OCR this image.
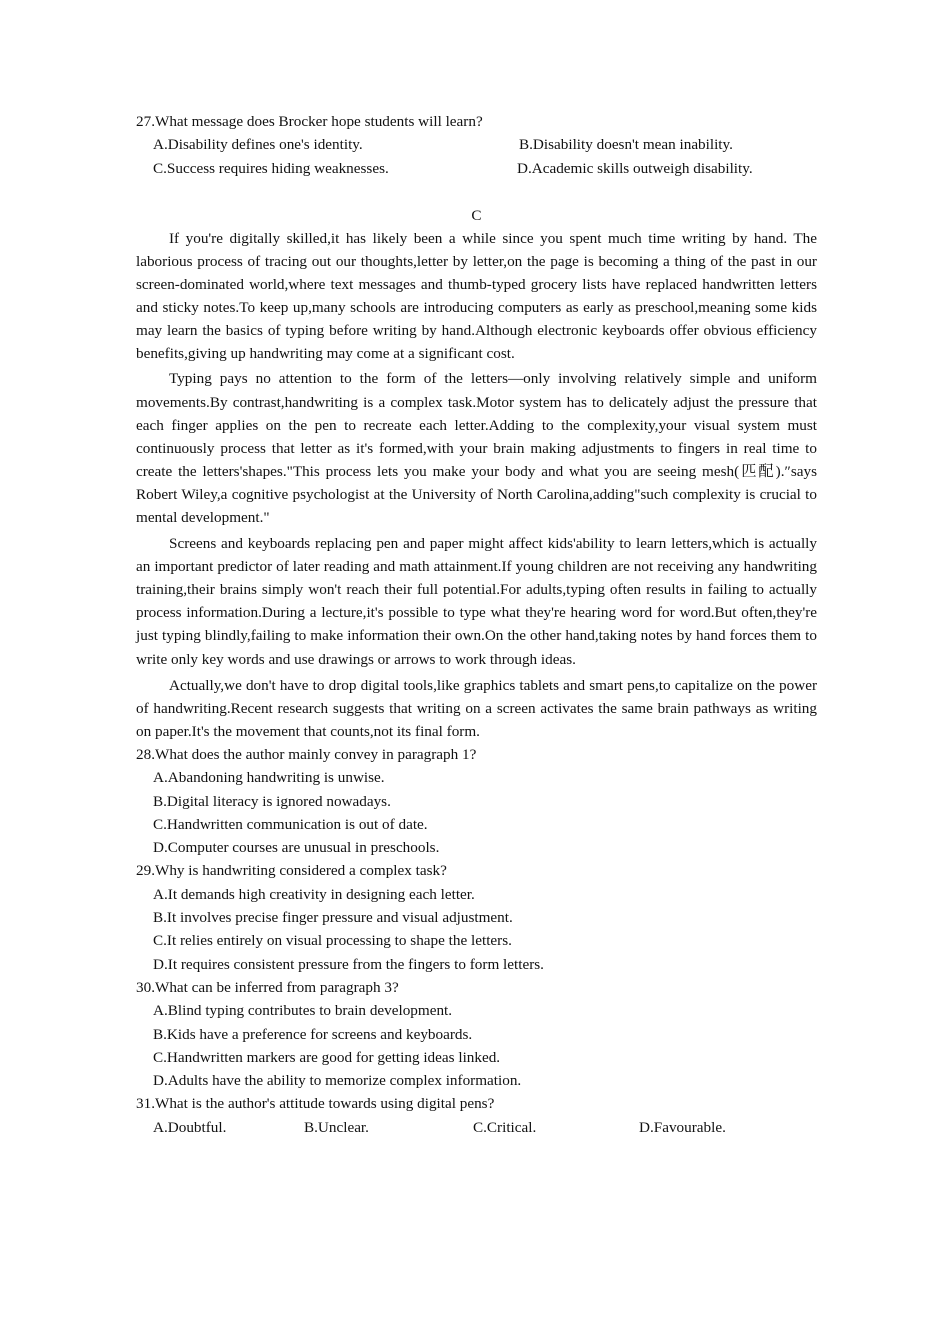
27.What message does Brocker hope students will learn?

A.Disability defines one's identity.	B.Disability doesn't mean inability.
C.Success requires hiding weaknesses.	D.Academic skills outweigh disability.
C

If you're digitally skilled,it has likely been a while since you spent much time writing by hand. The laborious process of tracing out our thoughts,letter by letter,on the page is becoming a thing of the past in our screen-dominated world,where text messages and thumb-typed grocery lists have replaced handwritten letters and sticky notes.To keep up,many schools are introducing computers as early as preschool,meaning some kids may learn the basics of typing before writing by hand.Although electronic keyboards offer obvious efficiency benefits,giving up handwriting may come at a significant cost.

Typing pays no attention to the form of the letters—only involving relatively simple and uniform movements.By contrast,handwriting is a complex task.Motor system has to delicately adjust the pressure that each finger applies on the pen to recreate each letter.Adding to the complexity,your visual system must continuously process that letter as it's formed,with your brain making adjustments to fingers in real time to create the letters'shapes."This process lets you make your body and what you are seeing mesh(匹配).″says Robert Wiley,a cognitive psychologist at the University of North Carolina,adding"such complexity is crucial to mental development."

Screens and keyboards replacing pen and paper might affect kids'ability to learn letters,which is actually an important predictor of later reading and math attainment.If young children are not receiving any handwriting training,their brains simply won't reach their full potential.For adults,typing often results in failing to actually process information.During a lecture,it's possible to type what they're hearing word for word.But often,they're just typing blindly,failing to make information their own.On the other hand,taking notes by hand forces them to write only key words and use drawings or arrows to work through ideas.

Actually,we don't have to drop digital tools,like graphics tablets and smart pens,to capitalize on the power of handwriting.Recent research suggests that writing on a screen activates the same brain pathways as writing on paper.It's the movement that counts,not its final form.

28.What does the author mainly convey in paragraph 1?

A.Abandoning handwriting is unwise.

B.Digital literacy is ignored nowadays.

C.Handwritten communication is out of date.

D.Computer courses are unusual in preschools.

29.Why is handwriting considered a complex task?

A.It demands high creativity in designing each letter.

B.It involves precise finger pressure and visual adjustment.

C.It relies entirely on visual processing to shape the letters.

D.It requires consistent pressure from the fingers to form letters.

30.What can be inferred from paragraph 3?

A.Blind typing contributes to brain development.

B.Kids have a preference for screens and keyboards.

C.Handwritten markers are good for getting ideas linked.

D.Adults have the ability to memorize complex information.

31.What is the author's attitude towards using digital pens?

A.Doubtful.	B.Unclear.	C.Critical.	D.Favourable.
